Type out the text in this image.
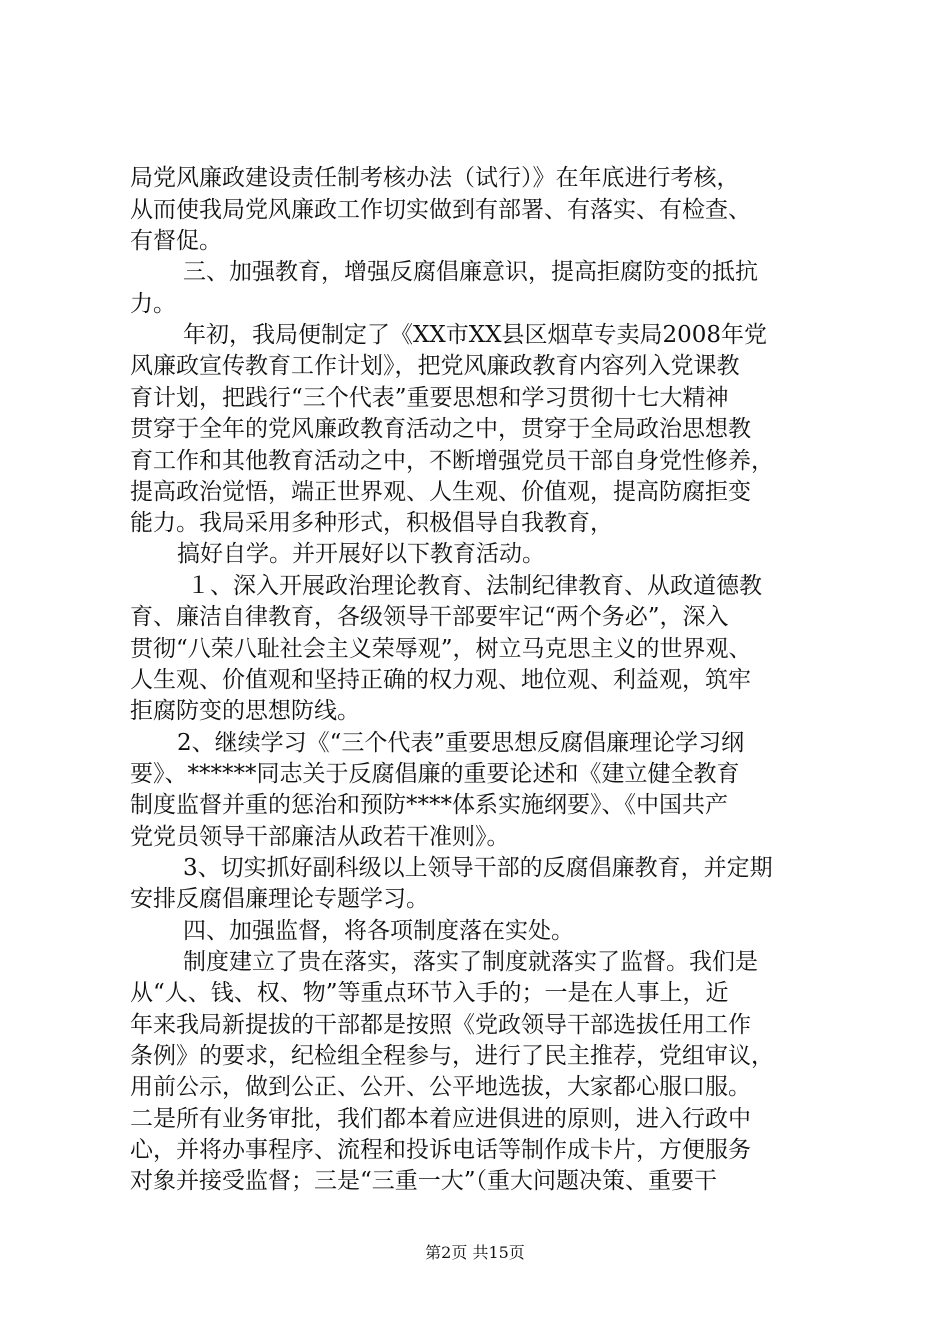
局党风廉政建设责任制考核办法（试行）》在年底进行考核，
从而使我局党风廉政工作切实做到有部署、有落实、有检查、
有督促。
三、加强教育，增强反腐倡廉意识，提高拒腐防变的抵抗
力。
年初，我局便制定了《XX市XX县区烟草专卖局2008年党
风廉政宣传教育工作计划》，把党风廉政教育内容列入党课教
育计划，把践行“三个代表”重要思想和学习贯彻十七大精神
贯穿于全年的党风廉政教育活动之中，贯穿于全局政治思想教
育工作和其他教育活动之中，不断增强党员干部自身党性修养，
提高政治觉悟，端正世界观、人生观、价值观，提高防腐拒变
能力。我局采用多种形式，积极倡导自我教育，
搞好自学。并开展好以下教育活动。
１、深入开展政治理论教育、法制纪律教育、从政道德教
育、廉洁自律教育，各级领导干部要牢记“两个务必”，深入
贯彻“八荣八耻社会主义荣辱观”，树立马克思主义的世界观、
人生观、价值观和坚持正确的权力观、地位观、利益观，筑牢
拒腐防变的思想防线。
2、继续学习《“三个代表”重要思想反腐倡廉理论学习纲
要》、******同志关于反腐倡廉的重要论述和《建立健全教育
制度监督并重的惩治和预防****体系实施纲要》、《中国共产
党党员领导干部廉洁从政若干准则》。
3、切实抓好副科级以上领导干部的反腐倡廉教育，并定期
安排反腐倡廉理论专题学习。
四、加强监督，将各项制度落在实处。
制度建立了贵在落实，落实了制度就落实了监督。我们是
从“人、钱、权、物”等重点环节入手的；一是在人事上，近
年来我局新提拔的干部都是按照《党政领导干部选拔任用工作
条例》的要求，纪检组全程参与，进行了民主推荐，党组审议，
用前公示，做到公正、公开、公平地选拔，大家都心服口服。
二是所有业务审批，我们都本着应进俱进的原则，进入行政中
心，并将办事程序、流程和投诉电话等制作成卡片，方便服务
对象并接受监督；三是“三重一大”（重大问题决策、重要干
第2页 共15页
